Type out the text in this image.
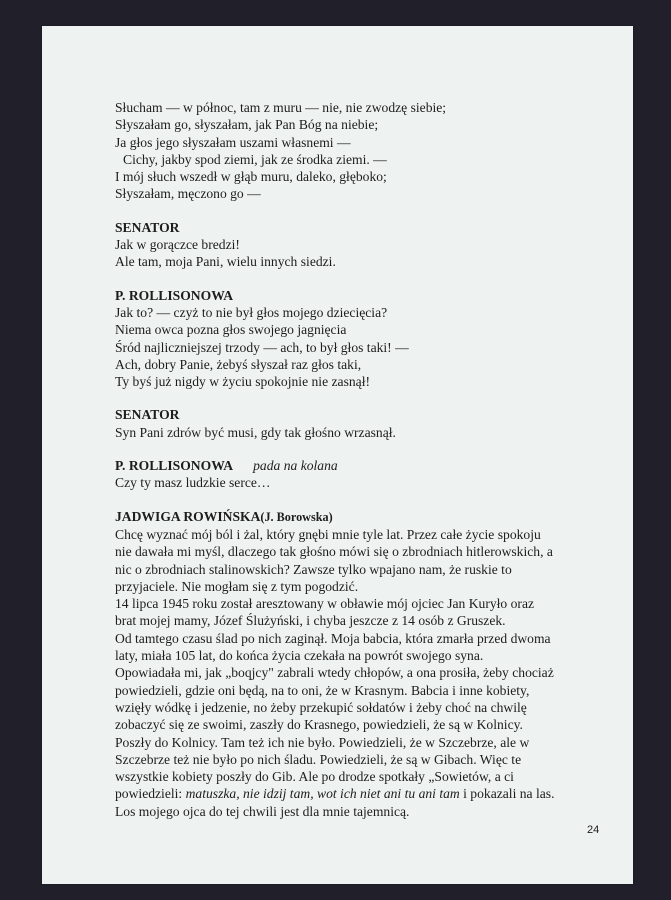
Słucham — w północ, tam z muru — nie, nie zwodzę siebie;
Słyszałam go, słyszałam, jak Pan Bóg na niebie;
Ja głos jego słyszałam uszami własnemi —
Cichy, jakby spod ziemi, jak ze środka ziemi. —
I mój słuch wszedł w głąb muru, daleko, głęboko;
Słyszałam, męczono go —
SENATOR
Jak w gorączce bredzi!
Ale tam, moja Pani, wielu innych siedzi.
P. ROLLISONOWA
Jak to? — czyż to nie był głos mojego dziecięcia?
Niema owca pozna głos swojego jagnięcia
Śród najliczniejszej trzody — ach, to był głos taki! —
Ach, dobry Panie, żebyś słyszał raz głos taki,
Ty byś już nigdy w życiu spokojnie nie zasnął!
SENATOR
Syn Pani zdrów być musi, gdy tak głośno wrzasnął.
P. ROLLISONOWA pada na kolana
Czy ty masz ludzkie serce…
JADWIGA ROWIŃSKA(J. Borowska)
Chcę wyznać mój ból i żal, który gnębi mnie tyle lat. Przez całe życie spokoju
nie dawała mi myśl, dlaczego tak głośno mówi się o zbrodniach hitlerowskich, a
nic o zbrodniach stalinowskich? Zawsze tylko wpajano nam, że ruskie to
przyjaciele. Nie mogłam się z tym pogodzić.
14 lipca 1945 roku został aresztowany w obławie mój ojciec Jan Kuryło oraz
brat mojej mamy, Józef Ślużyński, i chyba jeszcze z 14 osób z Gruszek.
Od tamtego czasu ślad po nich zaginął. Moja babcia, która zmarła przed dwoma
laty, miała 105 lat, do końca życia czekała na powrót swojego syna.
Opowiadała mi, jak „boqjcy" zabrali wtedy chłopów, a ona prosiła, żeby chociaż
powiedzieli, gdzie oni będą, na to oni, że w Krasnym. Babcia i inne kobiety,
wzięły wódkę i jedzenie, no żeby przekupić sołdatów i żeby choć na chwilę
zobaczyć się ze swoimi, zaszły do Krasnego, powiedzieli, że są w Kolnicy.
Poszły do Kolnicy. Tam też ich nie było. Powiedzieli, że w Szczebrze, ale w
Szczebrze też nie było po nich śladu. Powiedzieli, że są w Gibach. Więc te
wszystkie kobiety poszły do Gib. Ale po drodze spotkały „Sowietów, a ci
powiedzieli: matuszka, nie idzij tam, wot ich niet ani tu ani tam i pokazali na las.
Los mojego ojca do tej chwili jest dla mnie tajemnicą.
24
